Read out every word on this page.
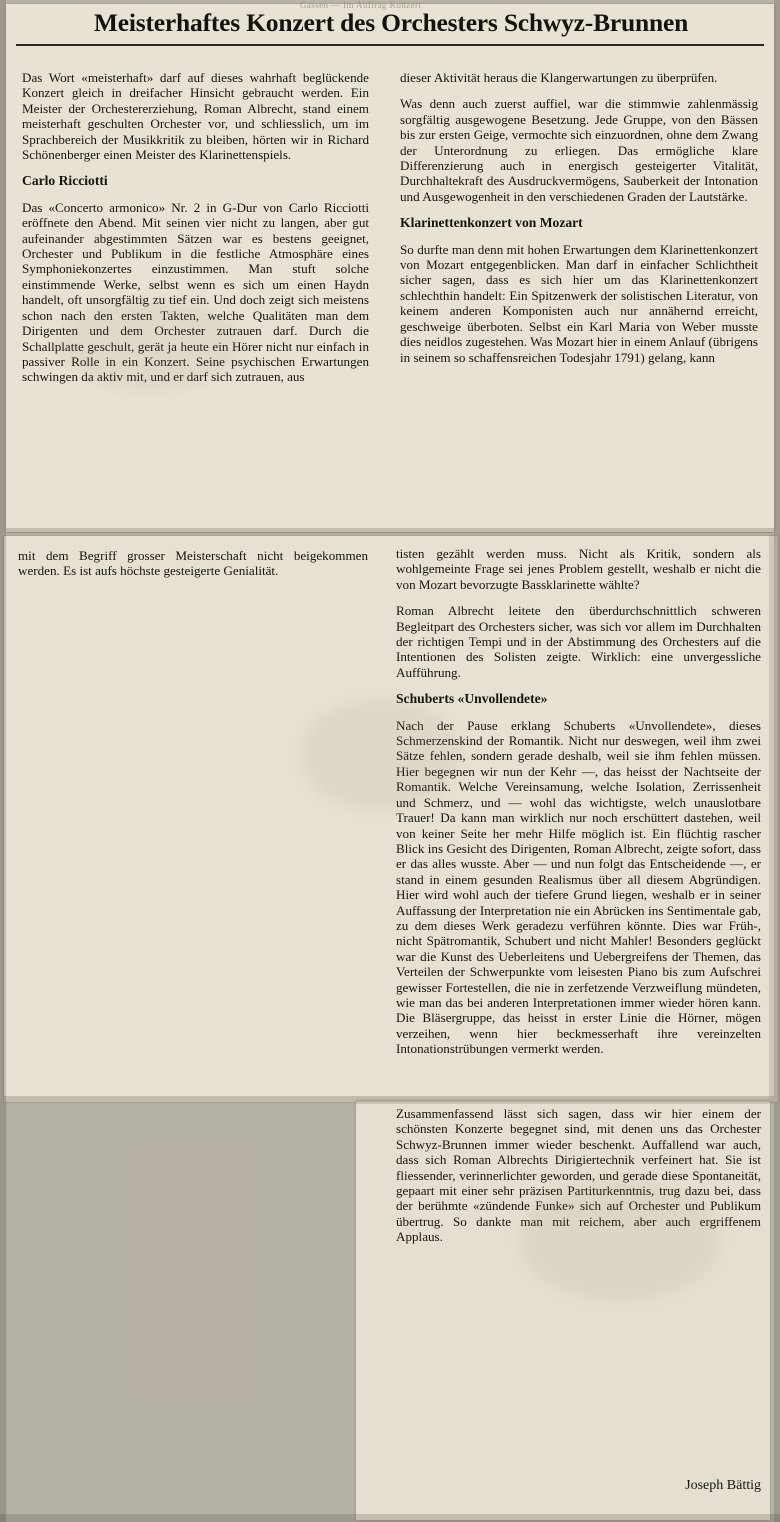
Gassen — Im Auftrag Konzert
Meisterhaftes Konzert des Orchesters Schwyz-Brunnen

Das Wort «meisterhaft» darf auf dieses wahrhaft beglückende Konzert gleich in dreifacher Hinsicht gebraucht werden. Ein Meister der Orchestererziehung, Roman Albrecht, stand einem meisterhaft geschulten Orchester vor, und schliesslich, um im Sprachbereich der Musikkritik zu bleiben, hörten wir in Richard Schönenberger einen Meister des Klarinettenspiels.

Carlo Ricciotti

Das «Concerto armonico» Nr. 2 in G-Dur von Carlo Ricciotti eröffnete den Abend. Mit seinen vier nicht zu langen, aber gut aufeinander abgestimmten Sätzen war es bestens geeignet, Orchester und Publikum in die festliche Atmosphäre eines Symphoniekonzertes einzustimmen. Man stuft solche einstimmende Werke, selbst wenn es sich um einen Haydn handelt, oft unsorgfältig zu tief ein. Und doch zeigt sich meistens schon nach den ersten Takten, welche Qualitäten man dem Dirigenten und dem Orchester zutrauen darf. Durch die Schallplatte geschult, gerät ja heute ein Hörer nicht nur einfach in passiver Rolle in ein Konzert. Seine psychischen Erwartungen schwingen da aktiv mit, und er darf sich zutrauen, aus

dieser Aktivität heraus die Klangerwartungen zu überprüfen.

Was denn auch zuerst auffiel, war die stimmwie zahlenmässig sorgfältig ausgewogene Besetzung. Jede Gruppe, von den Bässen bis zur ersten Geige, vermochte sich einzuordnen, ohne dem Zwang der Unterordnung zu erliegen. Das ermögliche klare Differenzierung auch in energisch gesteigerter Vitalität, Durchhaltekraft des Ausdruckvermögens, Sauberkeit der Intonation und Ausgewogenheit in den verschiedenen Graden der Lautstärke.

Klarinettenkonzert von Mozart

So durfte man denn mit hohen Erwartungen dem Klarinettenkonzert von Mozart entgegenblicken. Man darf in einfacher Schlichtheit sicher sagen, dass es sich hier um das Klarinettenkonzert schlechthin handelt: Ein Spitzenwerk der solistischen Literatur, von keinem anderen Komponisten auch nur annähernd erreicht, geschweige überboten. Selbst ein Karl Maria von Weber musste dies neidlos zugestehen. Was Mozart hier in einem Anlauf (übrigens in seinem so schaffensreichen Todesjahr 1791) gelang, kann

mit dem Begriff grosser Meisterschaft nicht beigekommen werden. Es ist aufs höchste gesteigerte Genialität.

tisten gezählt werden muss. Nicht als Kritik, sondern als wohlgemeinte Frage sei jenes Problem gestellt, weshalb er nicht die von Mozart bevorzugte Bassklarinette wählte?

Roman Albrecht leitete den überdurchschnittlich schweren Begleitpart des Orchesters sicher, was sich vor allem im Durchhalten der richtigen Tempi und in der Abstimmung des Orchesters auf die Intentionen des Solisten zeigte. Wirklich: eine unvergessliche Aufführung.

Schuberts «Unvollendete»

Nach der Pause erklang Schuberts «Unvollendete», dieses Schmerzenskind der Romantik. Nicht nur deswegen, weil ihm zwei Sätze fehlen, sondern gerade deshalb, weil sie ihm fehlen müssen. Hier begegnen wir nun der Kehr —, das heisst der Nachtseite der Romantik. Welche Vereinsamung, welche Isolation, Zerrissenheit und Schmerz, und — wohl das wichtigste, welch unauslotbare Trauer! Da kann man wirklich nur noch erschüttert dastehen, weil von keiner Seite her mehr Hilfe möglich ist. Ein flüchtig rascher Blick ins Gesicht des Dirigenten, Roman Albrecht, zeigte sofort, dass er das alles wusste. Aber — und nun folgt das Entscheidende —, er stand in einem gesunden Realismus über all diesem Abgründigen. Hier wird wohl auch der tiefere Grund liegen, weshalb er in seiner Auffassung der Interpretation nie ein Abrücken ins Sentimentale gab, zu dem dieses Werk geradezu verführen könnte. Dies war Früh-, nicht Spätromantik, Schubert und nicht Mahler! Besonders geglückt war die Kunst des Ueberleitens und Uebergreifens der Themen, das Verteilen der Schwerpunkte vom leisesten Piano bis zum Aufschrei gewisser Fortestellen, die nie in zerfetzende Verzweiflung mündeten, wie man das bei anderen Interpretationen immer wieder hören kann. Die Bläsergruppe, das heisst in erster Linie die Hörner, mögen verzeihen, wenn hier beckmesserhaft ihre vereinzelten Intonationstrübungen vermerkt werden.

Zusammenfassend lässt sich sagen, dass wir hier einem der schönsten Konzerte begegnet sind, mit denen uns das Orchester Schwyz-Brunnen immer wieder beschenkt. Auffallend war auch, dass sich Roman Albrechts Dirigiertechnik verfeinert hat. Sie ist fliessender, verinnerlichter geworden, und gerade diese Spontaneität, gepaart mit einer sehr präzisen Partiturkenntnis, trug dazu bei, dass der berühmte «zündende Funke» sich auf Orchester und Publikum übertrug. So dankte man mit reichem, aber auch ergriffenem Applaus.

Joseph Bättig
